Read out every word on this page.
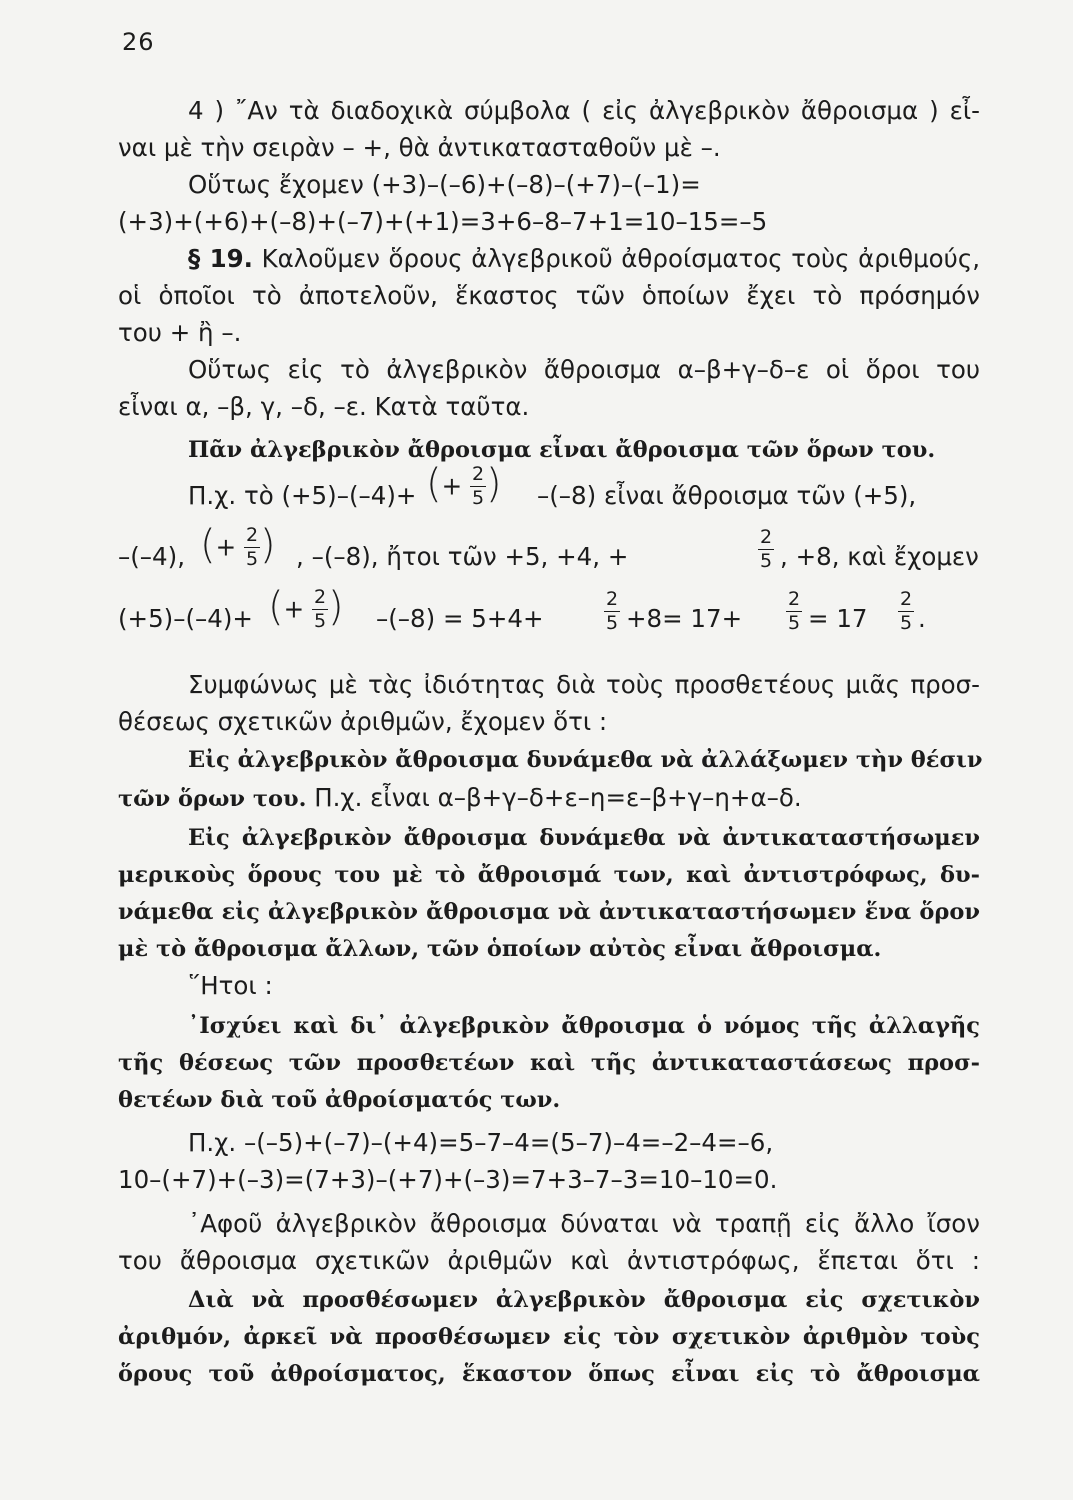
26
4 ) ῎Αν τὰ διαδοχικὰ σύμβολα ( εἰς ἀλγεβρικὸν ἄθροισμα ) εἶ-
ναι μὲ τὴν σειρὰν – +, θὰ ἀντικατασταθοῦν μὲ –.
Οὕτως ἔχομεν (+3)–(–6)+(–8)–(+7)–(–1)=
(+3)+(+6)+(–8)+(–7)+(+1)=3+6–8–7+1=10–15=–5
§ 19. Καλοῦμεν ὅρους ἀλγεβρικοῦ ἀθροίσματος τοὺς ἀριθμούς,
οἱ ὁποῖοι τὸ ἀποτελοῦν, ἕκαστος τῶν ὁποίων ἔχει τὸ πρόσημόν
του + ἢ –.
Οὕτως εἰς τὸ ἀλγεβρικὸν ἄθροισμα α–β+γ–δ–ε οἱ ὅροι του
εἶναι α, –β, γ, –δ, –ε. Κατὰ ταῦτα.
Πᾶν ἀλγεβρικὸν ἄθροισμα εἶναι ἄθροισμα τῶν ὅρων του.
Π.χ. τὸ (+5)–(–4)+ (+ $\frac{2}{5}$ ) –(–8) εἶναι ἄθροισμα τῶν (+5),
–(–4), (+ $\frac{2}{5}$ ) , –(–8), ἤτοι τῶν +5, +4, +	$\frac{2}{5}$ , +8, καὶ ἔχομεν
(+5)–(–4)+ (+ $\frac{2}{5}$ ) –(–8) = 5+4+	$\frac{2}{5} +8= 17+ \frac{2}{5} = 17 \frac{2}{5}$ .
Συμφώνως μὲ τὰς ἰδιότητας διὰ τοὺς προσθετέους μιᾶς προσ-
θέσεως σχετικῶν ἀριθμῶν, ἔχομεν ὅτι :
Εἰς ἀλγεβρικὸν ἄθροισμα δυνάμεθα νὰ ἀλλάξωμεν τὴν θέσιν
τῶν ὅρων του. Π.χ. εἶναι α–β+γ–δ+ε–η=ε–β+γ–η+α–δ.
Εἰς ἀλγεβρικὸν ἄθροισμα δυνάμεθα νὰ ἀντικαταστήσωμεν
μερικοὺς ὅρους του μὲ τὸ ἄθροισμά των, καὶ ἀντιστρόφως, δυ-
νάμεθα εἰς ἀλγεβρικὸν ἄθροισμα νὰ ἀντικαταστήσωμεν ἕνα ὅρον
μὲ τὸ ἄθροισμα ἄλλων, τῶν ὁποίων αὐτὸς εἶναι ἄθροισμα.
῞Ητοι :
᾿Ισχύει καὶ δι᾿ ἀλγεβρικὸν ἄθροισμα ὁ νόμος τῆς ἀλλαγῆς
τῆς θέσεως τῶν προσθετέων καὶ τῆς ἀντικαταστάσεως προσ-
θετέων διὰ τοῦ ἀθροίσματός των.
Π.χ. –(–5)+(–7)–(+4)=5–7–4=(5–7)–4=–2–4=–6,
10–(+7)+(–3)=(7+3)–(+7)+(–3)=7+3–7–3=10–10=0.
᾿Αφοῦ ἀλγεβρικὸν ἄθροισμα δύναται νὰ τραπῇ εἰς ἄλλο ἴσον
του ἄθροισμα σχετικῶν ἀριθμῶν καὶ ἀντιστρόφως, ἕπεται ὅτι :
Διὰ νὰ προσθέσωμεν ἀλγεβρικὸν ἄθροισμα εἰς σχετικὸν
ἀριθμόν, ἀρκεῖ νὰ προσθέσωμεν εἰς τὸν σχετικὸν ἀριθμὸν τοὺς
ὅρους τοῦ ἀθροίσματος, ἕκαστον ὅπως εἶναι εἰς τὸ ἄθροισμα
